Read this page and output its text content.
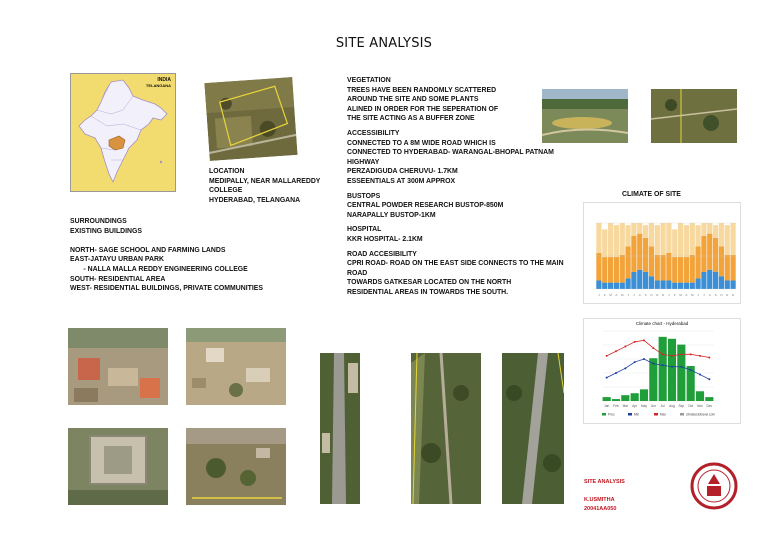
SITE ANALYSIS
INDIA
TELANGANA
LOCATION
MEDIPALLY, NEAR MALLAREDDY
COLLEGE
HYDERABAD, TELANGANA
SURROUNDINGS
EXISTING BUILDINGS

NORTH- SAGE SCHOOL AND FARMING LANDS
EAST-JATAYU URBAN PARK
- NALLA MALLA REDDY ENGINEERING COLLEGE
SOUTH- RESIDENTIAL AREA
WEST- RESIDENTIAL BUILDINGS, PRIVATE COMMUNITIES
VEGETATION
TREES HAVE BEEN RANDOMLY SCATTERED
AROUND THE SITE AND SOME PLANTS
ALINED IN ORDER FOR THE SEPERATION OF
THE SITE ACTING AS A BUFFER ZONE
ACCESSIBILITY
CONNECTED TO A 8M WIDE ROAD WHICH IS
CONNECTED TO HYDERABAD- WARANGAL-BHOPAL PATNAM
HIGHWAY
PERZADIGUDA CHERUVU- 1.7KM
ESSEENTIALS AT 300M APPROX
BUSTOPS
CENTRAL POWDER RESEARCH BUSTOP-850M
NARAPALLY BUSTOP-1KM
HOSPITAL
KKR HOSPITAL- 2.1KM
ROAD ACCESIBILITY
CPRI ROAD- ROAD ON THE EAST SIDE CONNECTS TO THE MAIN
ROAD
TOWARDS GATKESAR LOCATED ON THE NORTH
RESIDENTIAL AREAS IN TOWARDS THE SOUTH.
CLIMATE OF SITE
J F M A M J J A S O N D J F M A M J J A S O N D
Climate chart - Hyderabad
Jan Feb Mar Apr May Jun Jul Aug Sep Oct Nov Dec
Prec	Min	Max	climatestotravel.com
SITE ANALYSIS

K.USMITHA
20041AA050
